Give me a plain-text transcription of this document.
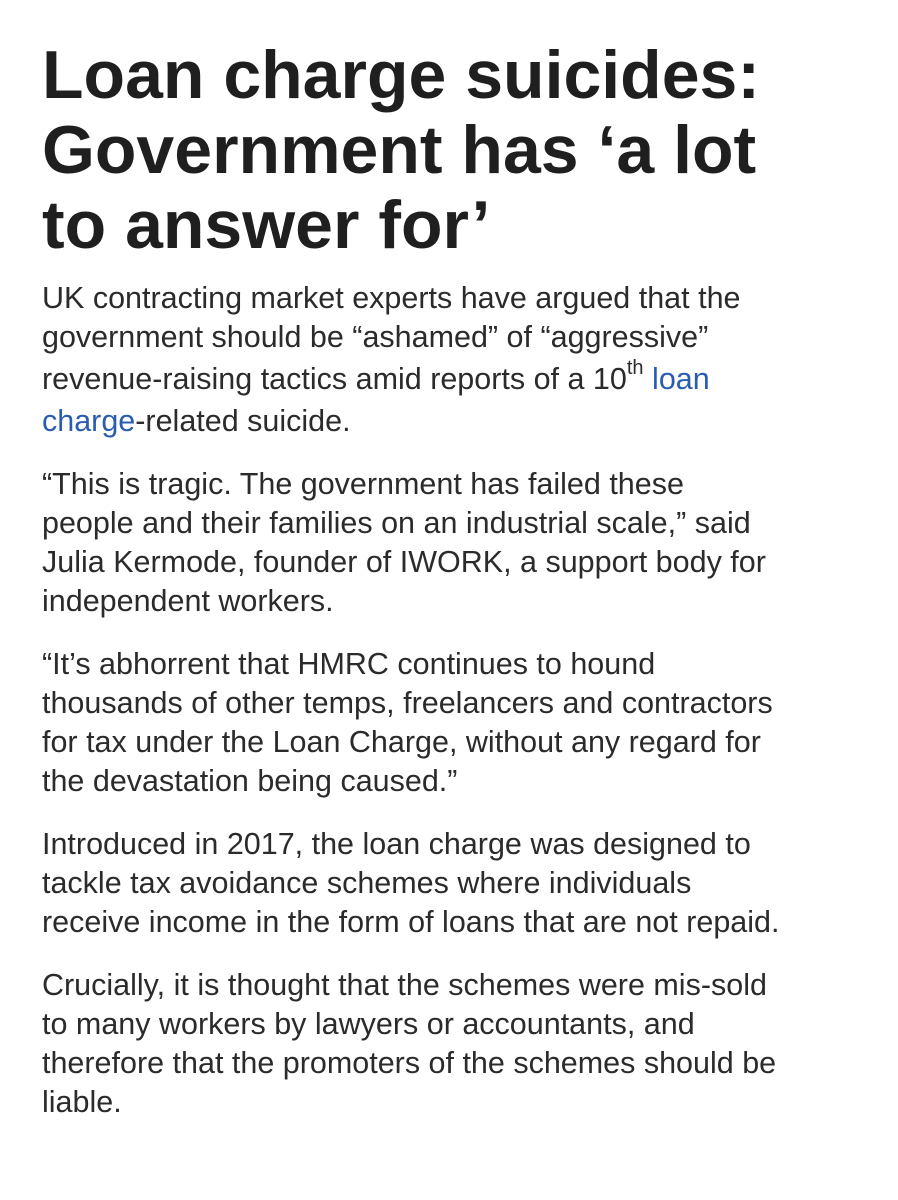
Loan charge suicides:
Government has ‘a lot
to answer for’

UK contracting market experts have argued that the
government should be “ashamed” of “aggressive”
revenue-raising tactics amid reports of a 10th loan
charge-related suicide.

“This is tragic. The government has failed these
people and their families on an industrial scale,” said
Julia Kermode, founder of IWORK, a support body for
independent workers.

“It’s abhorrent that HMRC continues to hound
thousands of other temps, freelancers and contractors
for tax under the Loan Charge, without any regard for
the devastation being caused.”

Introduced in 2017, the loan charge was designed to
tackle tax avoidance schemes where individuals
receive income in the form of loans that are not repaid.

Crucially, it is thought that the schemes were mis-sold
to many workers by lawyers or accountants, and
therefore that the promoters of the schemes should be
liable.
